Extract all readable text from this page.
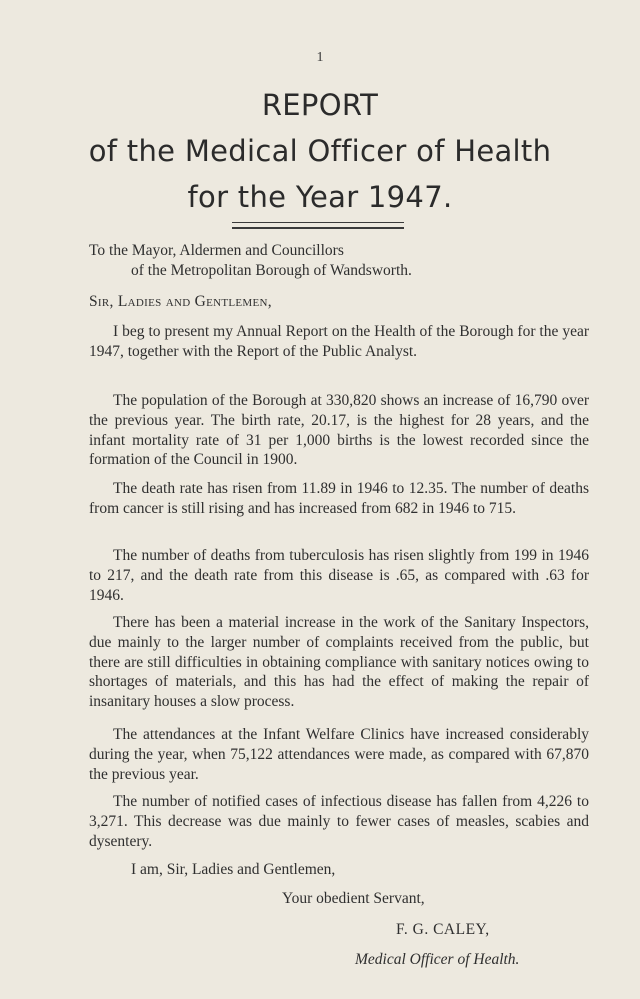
1
REPORT
of the Medical Officer of Health
for the Year 1947.
To the Mayor, Aldermen and Councillors
of the Metropolitan Borough of Wandsworth.
Sir, Ladies and Gentlemen,
I beg to present my Annual Report on the Health of the Borough for the year 1947, together with the Report of the Public Analyst.
The population of the Borough at 330,820 shows an increase of 16,790 over the previous year. The birth rate, 20.17, is the highest for 28 years, and the infant mortality rate of 31 per 1,000 births is the lowest recorded since the formation of the Council in 1900.
The death rate has risen from 11.89 in 1946 to 12.35. The number of deaths from cancer is still rising and has increased from 682 in 1946 to 715.
The number of deaths from tuberculosis has risen slightly from 199 in 1946 to 217, and the death rate from this disease is .65, as compared with .63 for 1946.
There has been a material increase in the work of the Sanitary Inspectors, due mainly to the larger number of complaints received from the public, but there are still difficulties in obtaining compliance with sanitary notices owing to shortages of materials, and this has had the effect of making the repair of insanitary houses a slow process.
The attendances at the Infant Welfare Clinics have increased considerably during the year, when 75,122 attendances were made, as compared with 67,870 the previous year.
The number of notified cases of infectious disease has fallen from 4,226 to 3,271. This decrease was due mainly to fewer cases of measles, scabies and dysentery.
I am, Sir, Ladies and Gentlemen,
Your obedient Servant,
F. G. CALEY,
Medical Officer of Health.
